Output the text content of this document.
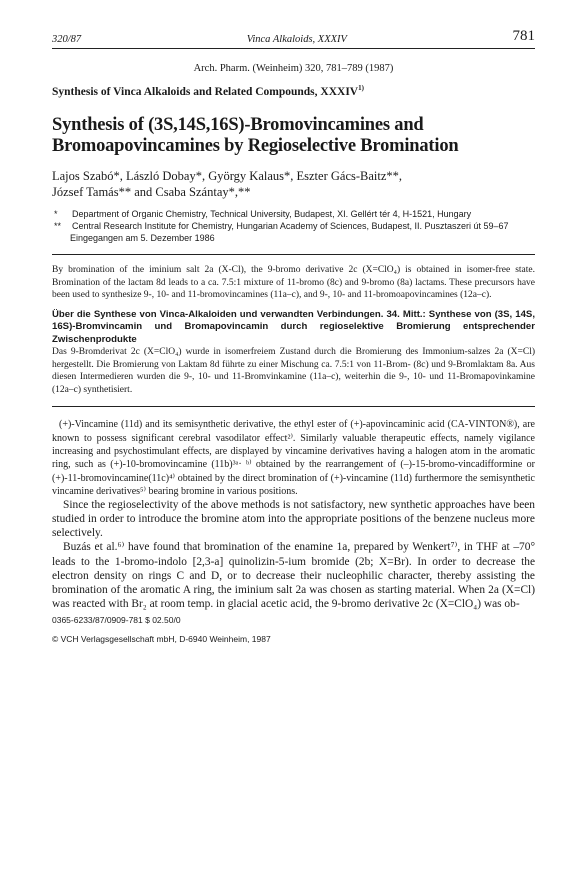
320/87	Vinca Alkaloids, XXXIV	781
Arch. Pharm. (Weinheim) 320, 781–789 (1987)
Synthesis of Vinca Alkaloids and Related Compounds, XXXIV$^{1)}$
Synthesis of (3S,14S,16S)-Bromovincamines and Bromoapovincamines by Regioselective Bromination
Lajos Szabó*, László Dobay*, György Kalaus*, Eszter Gács-Baitz**,
József Tamás** and Csaba Szántay*,**
*	Department of Organic Chemistry, Technical University, Budapest, XI. Gellért tér 4, H-1521, Hungary
**	Central Research Institute for Chemistry, Hungarian Academy of Sciences, Budapest, II. Pusztaszeri út 59–67
Eingegangen am 5. Dezember 1986

By bromination of the iminium salt 2a (X-Cl), the 9-bromo derivative 2c (X=ClO₄) is obtained in isomer-free state. Bromination of the lactam 8d leads to a ca. 7.5:1 mixture of 11-bromo (8c) and 9-bromo (8a) lactams. These precursors have been used to synthesize 9-, 10- and 11-bromovincamines (11a–c), and 9-, 10- and 11-bromoapovincamines (12a–c).

Über die Synthese von Vinca-Alkaloiden und verwandten Verbindungen. 34. Mitt.: Synthese von (3S, 14S, 16S)-Bromvincamin und Bromapovincamin durch regioselektive Bromierung entsprechender Zwischenprodukte

Das 9-Bromderivat 2c (X=ClO₄) wurde in isomerfreiem Zustand durch die Bromierung des Immonium-salzes 2a (X=Cl) hergestellt. Die Bromierung von Laktam 8d führte zu einer Mischung ca. 7.5:1 von 11-Brom- (8c) und 9-Bromlaktam 8a. Aus diesen Intermedieren wurden die 9-, 10- und 11-Bromvinkamine (11a–c), weiterhin die 9-, 10- und 11-Bromapovinkamine (12a–c) synthetisiert.

(+)-Vincamine (11d) and its semisynthetic derivative, the ethyl ester of (+)-apovincaminic acid (CA-VINTON®), are known to possess significant cerebral vasodilator effect²⁾. Similarly valuable therapeutic effects, namely vigilance increasing and psychostimulant effects, are displayed by vincamine derivatives having a halogen atom in the aromatic ring, such as (+)-10-bromovincamine (11b)³ᵃ· ᵇ⁾ obtained by the rearrangement of (–)-15-bromo-vincadifformine or (+)-11-bromovincamine(11c)⁴⁾ obtained by the direct bromination of (+)-vincamine (11d) furthermore the semisynthetic vincamine derivatives⁵⁾ bearing bromine in various positions.

Since the regioselectivity of the above methods is not satisfactory, new synthetic approaches have been studied in order to introduce the bromine atom into the appropriate positions of the benzene nucleus more selectively.

Buzás et al.⁶⁾ have found that bromination of the enamine 1a, prepared by Wenkert⁷⁾, in THF at –70° leads to the 1-bromo-indolo [2,3-a] quinolizin-5-ium bromide (2b; X=Br). In order to decrease the electron density on rings C and D, or to decrease their nucleophilic character, thereby assisting the bromination of the aromatic A ring, the iminium salt 2a was chosen as starting material. When 2a (X=Cl) was reacted with Br₂ at room temp. in glacial acetic acid, the 9-bromo derivative 2c (X=ClO₄) was ob-

0365-6233/87/0909-781 $ 02.50/0
© VCH Verlagsgesellschaft mbH, D-6940 Weinheim, 1987
